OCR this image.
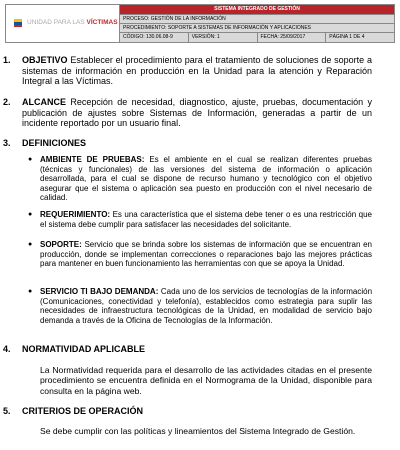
UNIDAD PARA LAS VÍCTIMAS
SISTEMA INTEGRADO DE GESTIÓN
PROCESO: GESTIÓN DE LA INFORMACIÓN
PROCEDIMIENTO: SOPORTE A SISTEMAS DE INFORMACIÓN Y APLICACIONES
CÓDIGO: 130.06.08-9	VERSIÓN: 1	FECHA: 25/09/2017	PÁGINA 1 DE 4
1. OBJETIVO Establecer el procedimiento para el tratamiento de soluciones de soporte a sistemas de información en producción en la Unidad para la atención y Reparación Integral a las Víctimas.
2. ALCANCE Recepción de necesidad, diagnostico, ajuste, pruebas, documentación y publicación de ajustes sobre Sistemas de Información, generadas a partir de un incidente reportado por un usuario final.
3. DEFINICIONES
● AMBIENTE DE PRUEBAS: Es el ambiente en el cual se realizan diferentes pruebas (técnicas y funcionales) de las versiones del sistema de información o aplicación desarrollada, para el cual se dispone de recurso humano y tecnológico con el objetivo asegurar que el sistema o aplicación sea puesto en producción con el nivel necesario de calidad.
● REQUERIMIENTO: Es una característica que el sistema debe tener o es una restricción que el sistema debe cumplir para satisfacer las necesidades del solicitante.
● SOPORTE: Servicio que se brinda sobre los sistemas de información que se encuentran en producción, donde se implementan correcciones o reparaciones bajo las mejores prácticas para mantener en buen funcionamiento las herramientas con que se apoya la Unidad.
● SERVICIO TI BAJO DEMANDA: Cada uno de los servicios de tecnologías de la información (Comunicaciones, conectividad y telefonía), establecidos como estrategia para suplir las necesidades de infraestructura tecnológicas de la Unidad, en modalidad de servicio bajo demanda a través de la Oficina de Tecnologías de la Información.
4. NORMATIVIDAD APLICABLE
La Normatividad requerida para el desarrollo de las actividades citadas en el presente procedimiento se encuentra definida en el Normograma de la Unidad, disponible para consulta en la página web.
5. CRITERIOS DE OPERACIÓN
Se debe cumplir con las políticas y lineamientos del Sistema Integrado de Gestión.
